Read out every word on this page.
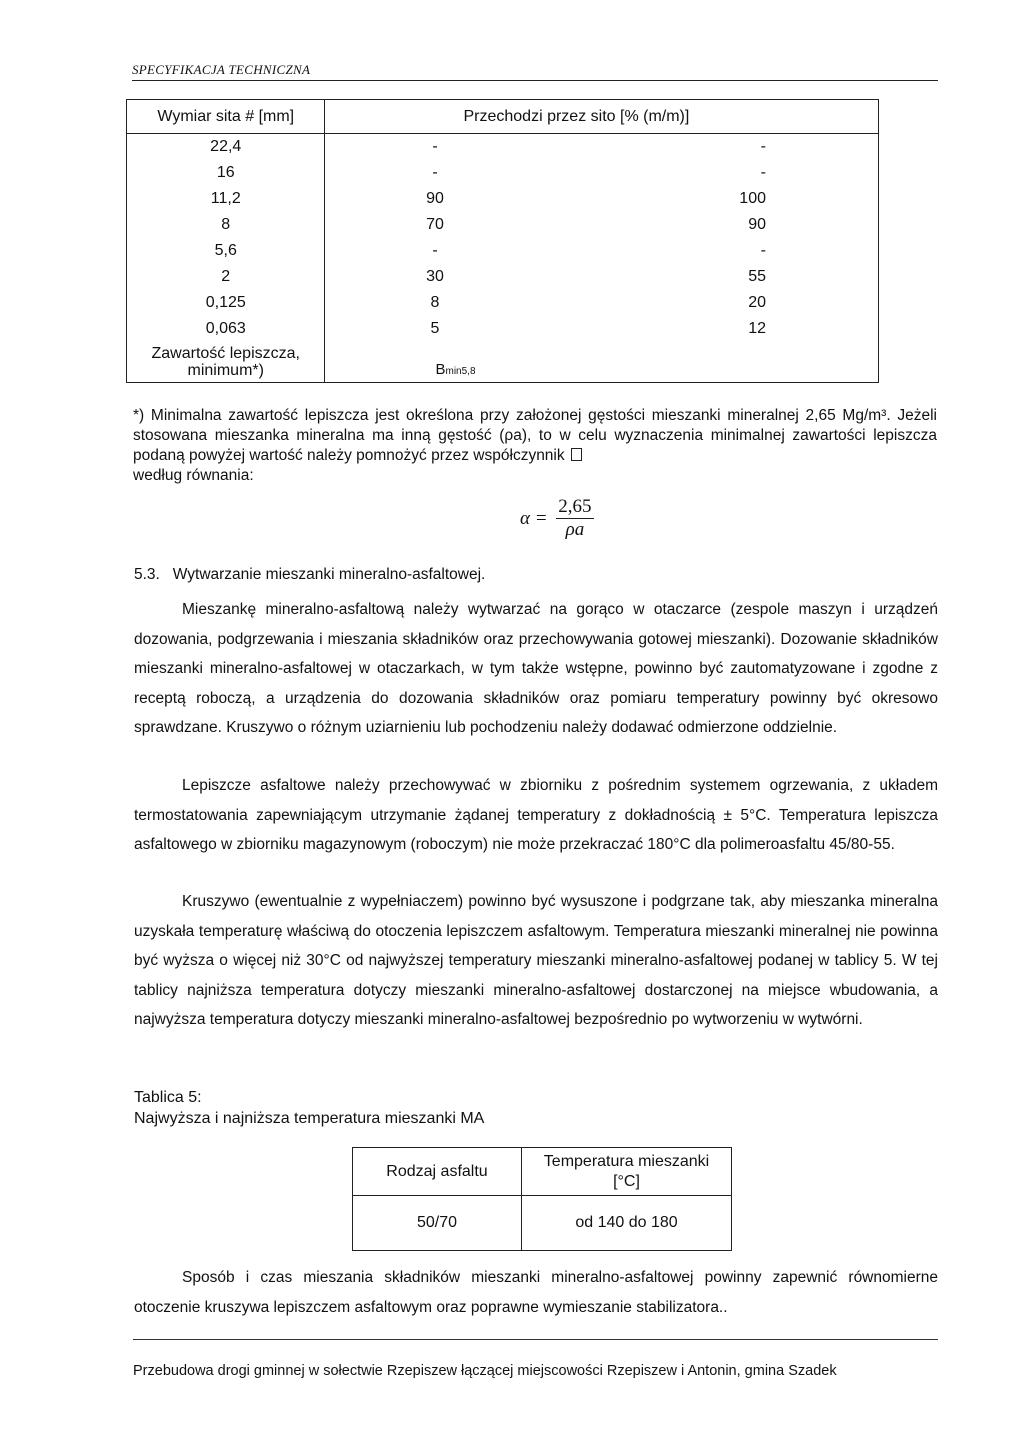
SPECYFIKACJA TECHNICZNA
Wymiar sita # [mm]	Przechodzi przez sito [% (m/m)]	
22,4	-	-
16	-	-
11,2	90	100
8	70	90
5,6	-	-
2	30	55
0,125	8	20
0,063	5	12
Zawartość lepiszcza,
minimum*)	Bmin5,8	
*) Minimalna zawartość lepiszcza jest określona przy założonej gęstości mieszanki mineralnej 2,65 Mg/m³. Jeżeli stosowana mieszanka mineralna ma inną gęstość (ρa), to w celu wyznaczenia minimalnej zawartości lepiszcza podaną powyżej wartość należy pomnożyć przez współczynnik
według równania:
$\alpha = \frac{2,65}{\rho a}$
5.3. Wytwarzanie mieszanki mineralno-asfaltowej.
Mieszankę mineralno-asfaltową należy wytwarzać na gorąco w otaczarce (zespole maszyn i urządzeń dozowania, podgrzewania i mieszania składników oraz przechowywania gotowej mieszanki). Dozowanie składników mieszanki mineralno-asfaltowej w otaczarkach, w tym także wstępne, powinno być zautomatyzowane i zgodne z receptą roboczą, a urządzenia do dozowania składników oraz pomiaru temperatury powinny być okresowo sprawdzane. Kruszywo o różnym uziarnieniu lub pochodzeniu należy dodawać odmierzone oddzielnie.
Lepiszcze asfaltowe należy przechowywać w zbiorniku z pośrednim systemem ogrzewania, z układem termostatowania zapewniającym utrzymanie żądanej temperatury z dokładnością ± 5°C. Temperatura lepiszcza asfaltowego w zbiorniku magazynowym (roboczym) nie może przekraczać 180°C dla polimeroasfaltu 45/80-55.
Kruszywo (ewentualnie z wypełniaczem) powinno być wysuszone i podgrzane tak, aby mieszanka mineralna uzyskała temperaturę właściwą do otoczenia lepiszczem asfaltowym. Temperatura mieszanki mineralnej nie powinna być wyższa o więcej niż 30°C od najwyższej temperatury mieszanki mineralno-asfaltowej podanej w tablicy 5. W tej tablicy najniższa temperatura dotyczy mieszanki mineralno-asfaltowej dostarczonej na miejsce wbudowania, a najwyższa temperatura dotyczy mieszanki mineralno-asfaltowej bezpośrednio po wytworzeniu w wytwórni.
Tablica 5:
Najwyższa i najniższa temperatura mieszanki MA
Rodzaj asfaltu	Temperatura mieszanki
[°C]
50/70	od 140 do 180
Sposób i czas mieszania składników mieszanki mineralno-asfaltowej powinny zapewnić równomierne otoczenie kruszywa lepiszczem asfaltowym oraz poprawne wymieszanie stabilizatora..
Przebudowa drogi gminnej w sołectwie Rzepiszew łączącej miejscowości Rzepiszew i Antonin, gmina Szadek
